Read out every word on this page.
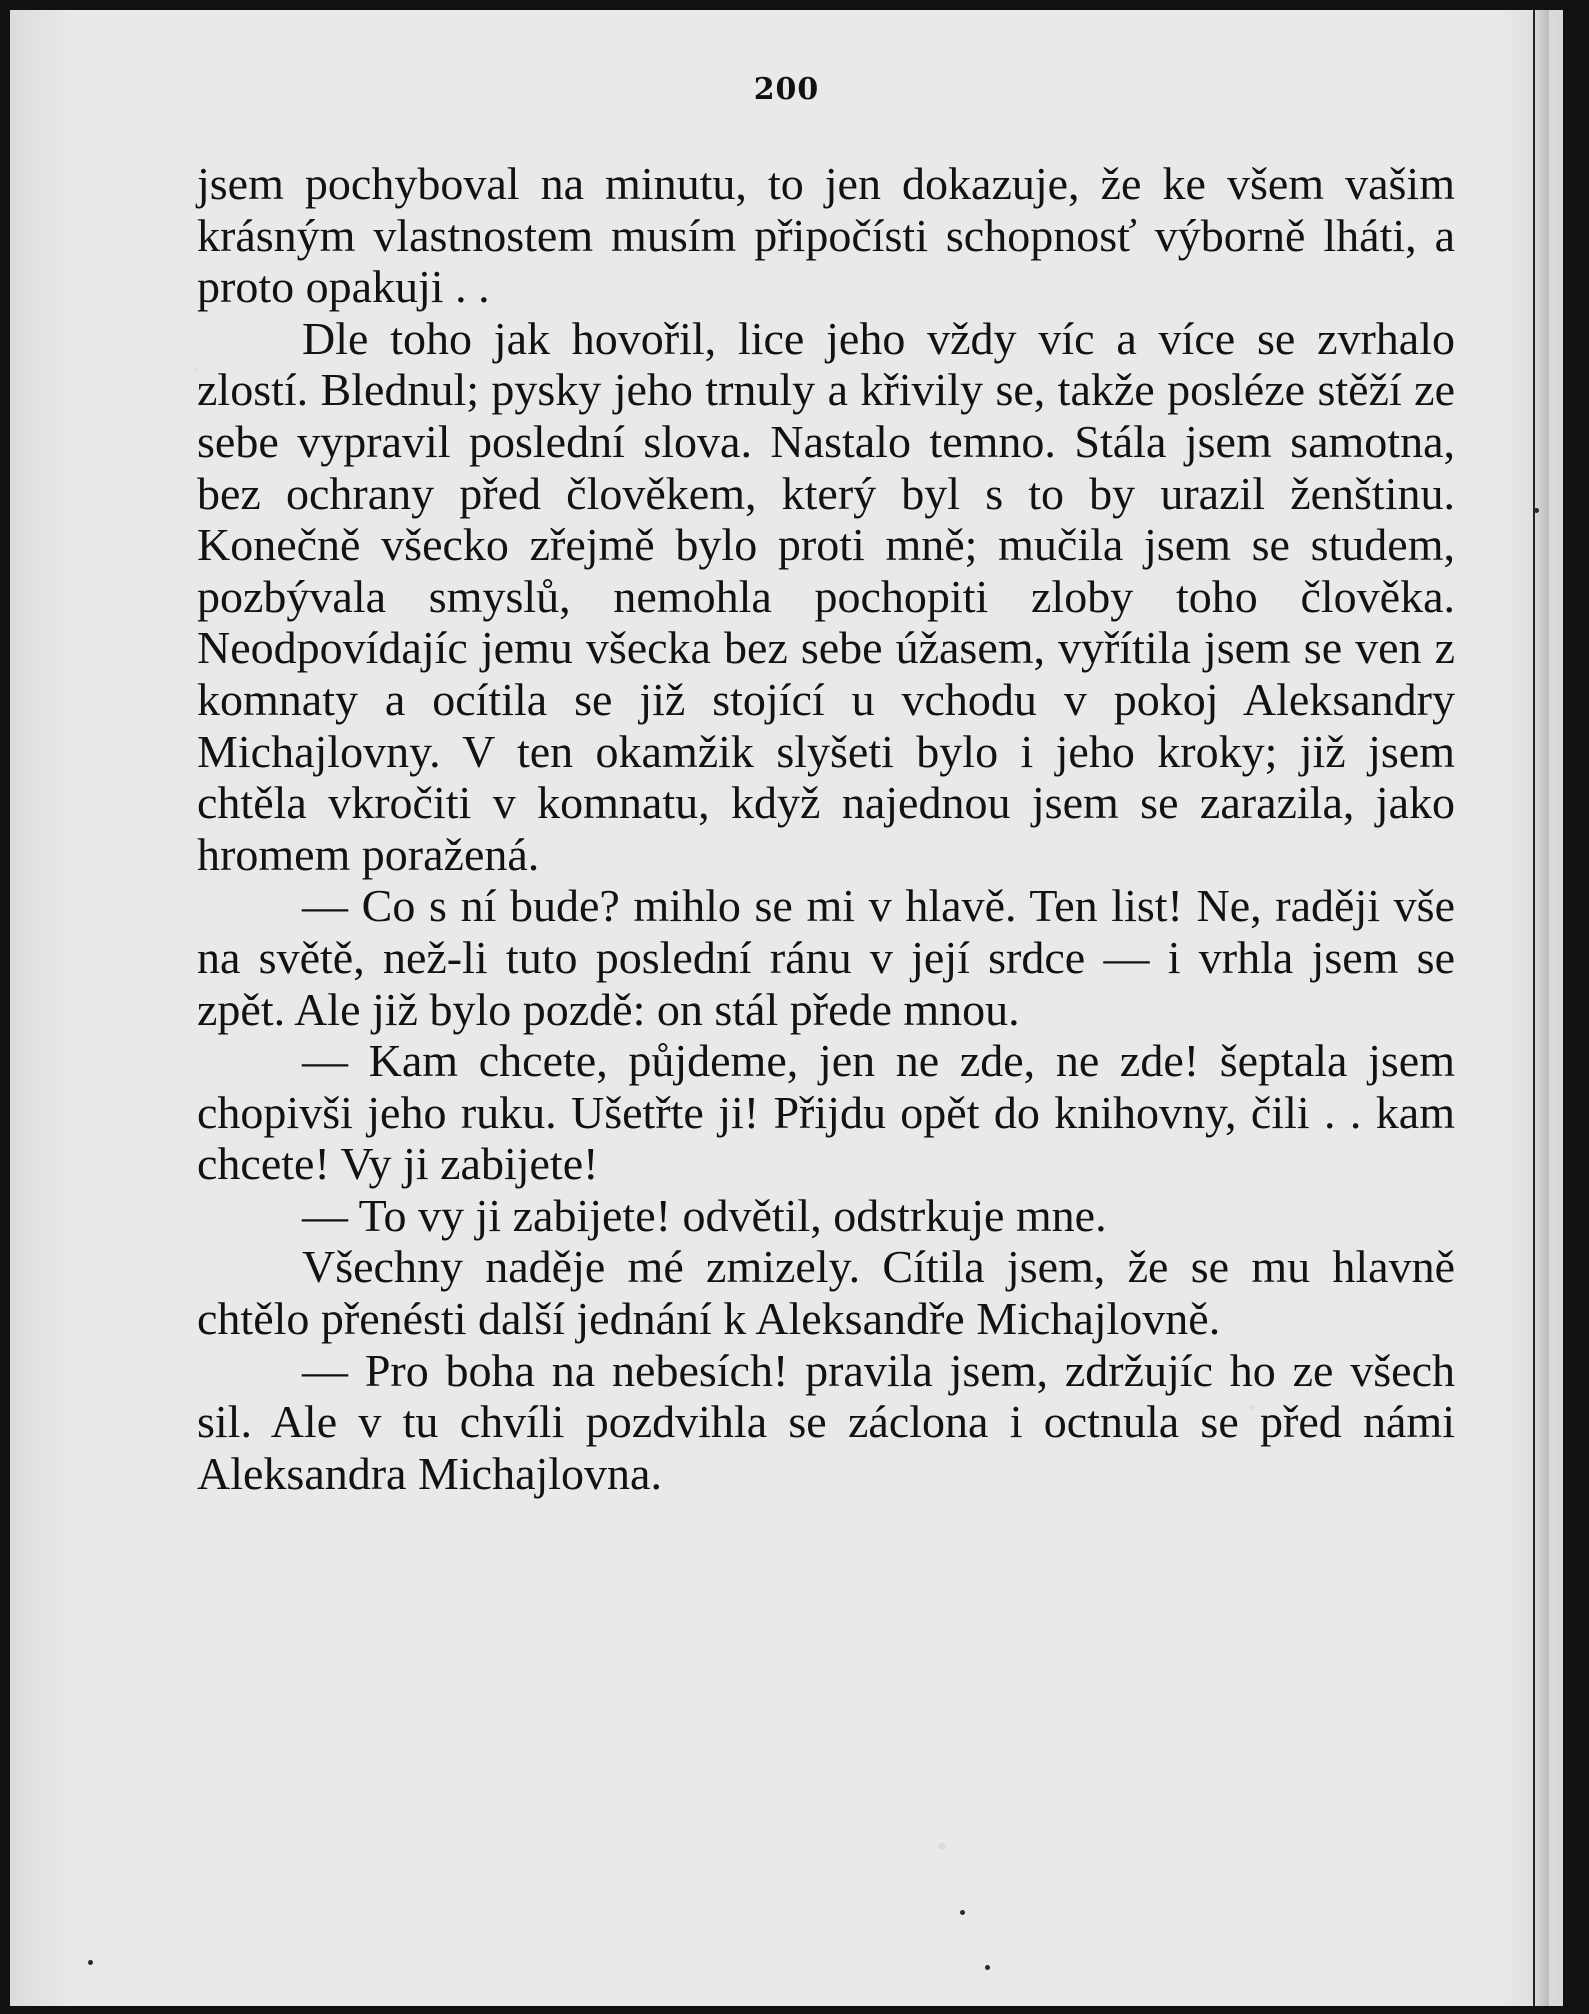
200

jsem pochyboval na minutu, to jen dokazuje, že ke všem vašim krásným vlastnostem musím připočísti schopnosť výborně lháti, a proto opakuji . .

Dle toho jak hovořil, lice jeho vždy víc a více se zvrhalo zlostí. Blednul; pysky jeho trnuly a křivily se, takže posléze stěží ze sebe vypravil poslední slova. Nastalo temno. Stála jsem samotna, bez ochrany před člověkem, který byl s to by urazil ženštinu. Konečně všecko zřejmě bylo proti mně; mučila jsem se studem, pozbývala smyslů, nemohla pochopiti zloby toho člověka. Neodpovídajíc jemu všecka bez sebe úžasem, vyřítila jsem se ven z komnaty a ocítila se již stojící u vchodu v pokoj Aleksandry Michajlovny. V ten okamžik slyšeti bylo i jeho kroky; již jsem chtěla vkročiti v komnatu, když najednou jsem se zarazila, jako hromem poražená.

— Co s ní bude? mihlo se mi v hlavě. Ten list! Ne, raději vše na světě, než-li tuto poslední ránu v její srdce — i vrhla jsem se zpět. Ale již bylo pozdě: on stál přede mnou.

— Kam chcete, půjdeme, jen ne zde, ne zde! šeptala jsem chopivši jeho ruku. Ušetřte ji! Přijdu opět do knihovny, čili . . kam chcete! Vy ji zabijete!

— To vy ji zabijete! odvětil, odstrkuje mne.

Všechny naděje mé zmizely. Cítila jsem, že se mu hlavně chtělo přenésti další jednání k Aleksandře Michajlovně.

— Pro boha na nebesích! pravila jsem, zdržujíc ho ze všech sil. Ale v tu chvíli pozdvihla se záclona i octnula se před námi Aleksandra Michajlovna.
